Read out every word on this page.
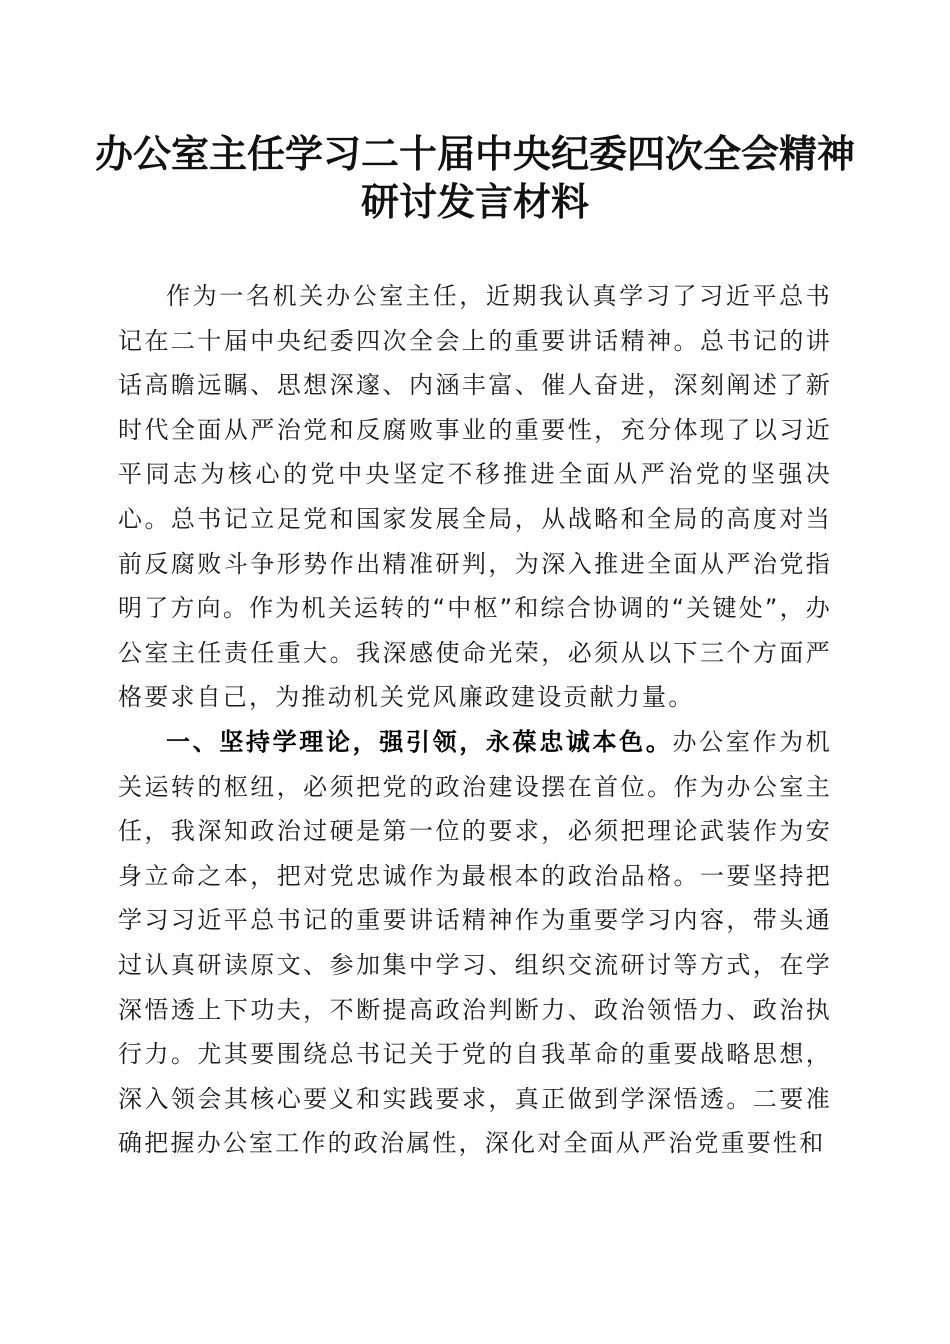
办公室主任学习二十届中央纪委四次全会精神
研讨发言材料

作为一名机关办公室主任，近期我认真学习了习近平总书记在二十届中央纪委四次全会上的重要讲话精神。总书记的讲话高瞻远瞩、思想深邃、内涵丰富、催人奋进，深刻阐述了新时代全面从严治党和反腐败事业的重要性，充分体现了以习近平同志为核心的党中央坚定不移推进全面从严治党的坚强决心。总书记立足党和国家发展全局，从战略和全局的高度对当前反腐败斗争形势作出精准研判，为深入推进全面从严治党指明了方向。作为机关运转的“中枢”和综合协调的“关键处”，办公室主任责任重大。我深感使命光荣，必须从以下三个方面严格要求自己，为推动机关党风廉政建设贡献力量。

一、坚持学理论，强引领，永葆忠诚本色。办公室作为机关运转的枢纽，必须把党的政治建设摆在首位。作为办公室主任，我深知政治过硬是第一位的要求，必须把理论武装作为安身立命之本，把对党忠诚作为最根本的政治品格。一要坚持把学习习近平总书记的重要讲话精神作为重要学习内容，带头通过认真研读原文、参加集中学习、组织交流研讨等方式，在学深悟透上下功夫，不断提高政治判断力、政治领悟力、政治执行力。尤其要围绕总书记关于党的自我革命的重要战略思想，深入领会其核心要义和实践要求，真正做到学深悟透。二要准确把握办公室工作的政治属性，深化对全面从严治党重要性和
